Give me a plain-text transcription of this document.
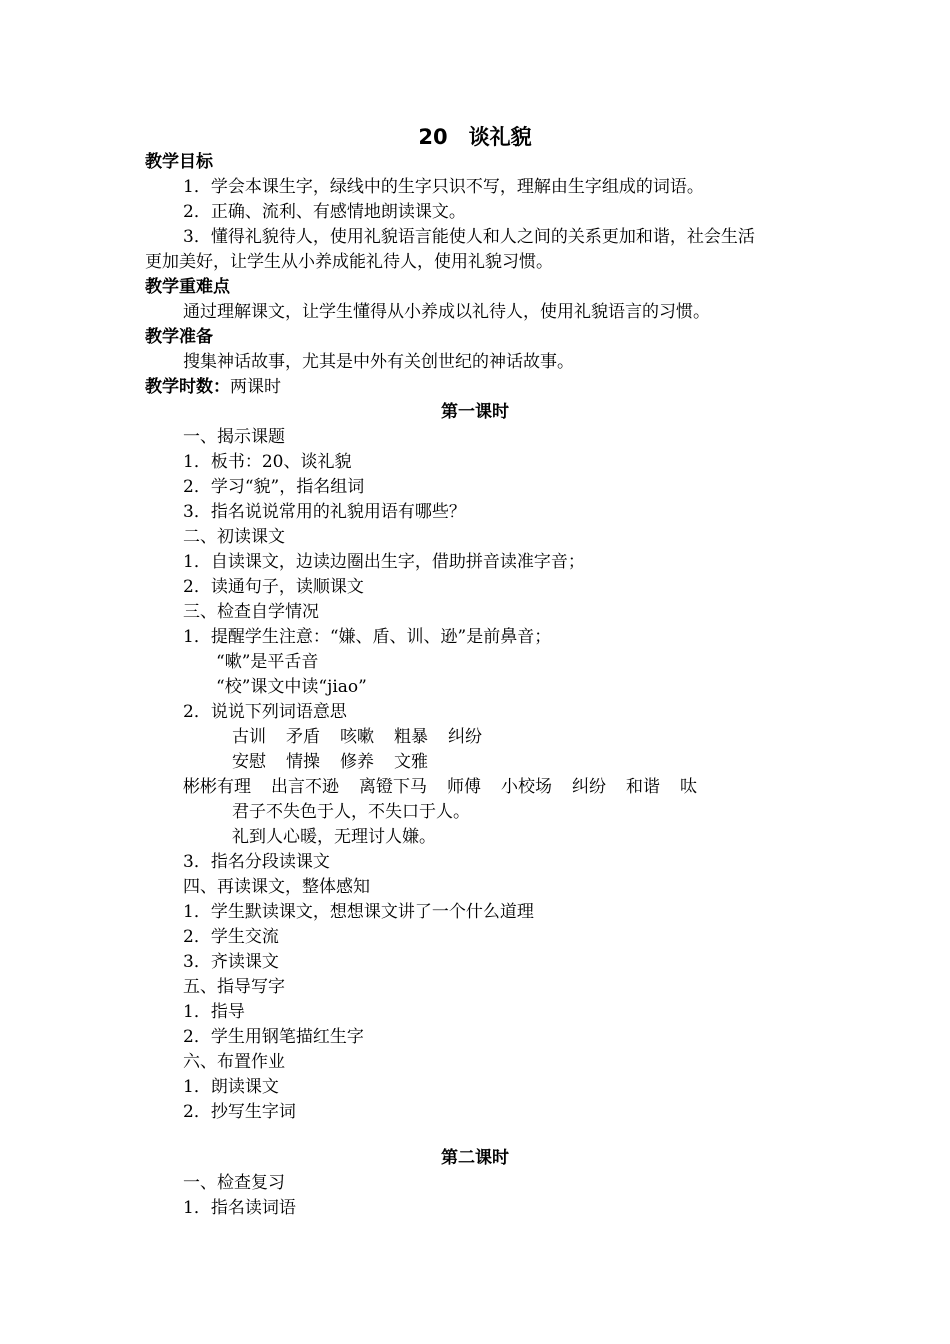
20　谈礼貌
教学目标
1．学会本课生字，绿线中的生字只识不写，理解由生字组成的词语。
2．正确、流利、有感情地朗读课文。
3．懂得礼貌待人，使用礼貌语言能使人和人之间的关系更加和谐，社会生活
更加美好，让学生从小养成能礼待人，使用礼貌习惯。
教学重难点
通过理解课文，让学生懂得从小养成以礼待人，使用礼貌语言的习惯。
教学准备
搜集神话故事，尤其是中外有关创世纪的神话故事。
教学时数：两课时
第一课时
一、揭示课题
1．板书：20、谈礼貌
2．学习“貌”，指名组词
3．指名说说常用的礼貌用语有哪些？
二、初读课文
1．自读课文，边读边圈出生字，借助拼音读准字音；
2．读通句子，读顺课文
三、检查自学情况
1．提醒学生注意：“嫌、盾、训、逊”是前鼻音；
“嗽”是平舌音
“校”课文中读“jiao”
2．说说下列词语意思
古训 矛盾 咳嗽 粗暴 纠纷
安慰 情操 修养 文雅
彬彬有理 出言不逊 离镫下马 师傅 小校场 纠纷 和谐 呔
君子不失色于人，不失口于人。
礼到人心暖，无理讨人嫌。
3．指名分段读课文
四、再读课文，整体感知
1．学生默读课文，想想课文讲了一个什么道理
2．学生交流
3．齐读课文
五、指导写字
1．指导
2．学生用钢笔描红生字
六、布置作业
1．朗读课文
2．抄写生字词
第二课时
一、检查复习
1．指名读词语
